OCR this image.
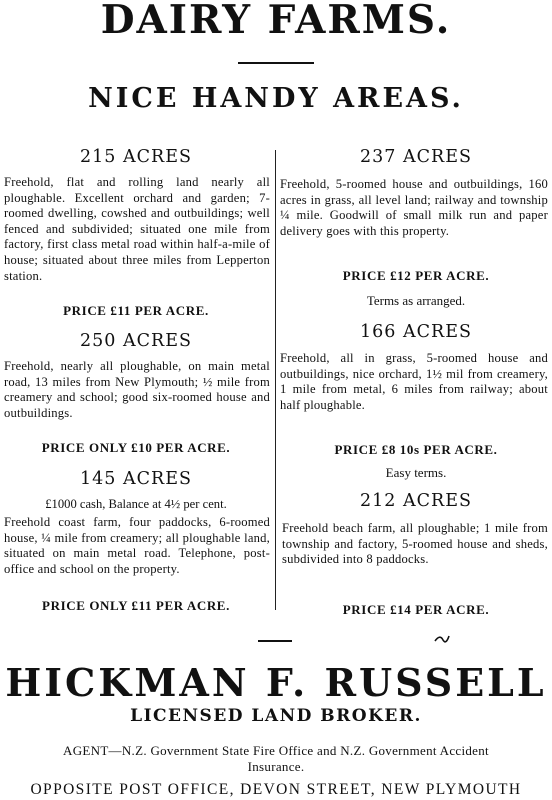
DAIRY FARMS.
NICE HANDY AREAS.
215 ACRES
Freehold, flat and rolling land nearly all ploughable. Excellent orchard and garden; 7-roomed dwelling, cowshed and outbuildings; well fenced and subdivided; situated one mile from factory, first class metal road within half-a-mile of house; situated about three miles from Lepperton station.
PRICE £11 PER ACRE.
250 ACRES
Freehold, nearly all ploughable, on main metal road, 13 miles from New Plymouth; ½ mile from creamery and school; good six-roomed house and outbuildings.
PRICE ONLY £10 PER ACRE.
145 ACRES
£1000 cash, Balance at 4½ per cent.
Freehold coast farm, four paddocks, 6-roomed house, ¼ mile from creamery; all ploughable land, situated on main metal road. Telephone, post-office and school on the property.
PRICE ONLY £11 PER ACRE.
237 ACRES
Freehold, 5-roomed house and outbuildings, 160 acres in grass, all level land; railway and township ¼ mile. Goodwill of small milk run and paper delivery goes with this property.
PRICE £12 PER ACRE.
Terms as arranged.
166 ACRES
Freehold, all in grass, 5-roomed house and outbuildings, nice orchard, 1½ mil from creamery, 1 mile from metal, 6 miles from railway; about half ploughable.
PRICE £8 10s PER ACRE.
Easy terms.
212 ACRES
Freehold beach farm, all ploughable; 1 mile from township and factory, 5-roomed house and sheds, subdivided into 8 paddocks.
PRICE £14 PER ACRE.
HICKMAN F. RUSSELL
LICENSED LAND BROKER.
AGENT—N.Z. Government State Fire Office and N.Z. Government Accident Insurance.
OPPOSITE POST OFFICE, DEVON STREET, NEW PLYMOUTH
